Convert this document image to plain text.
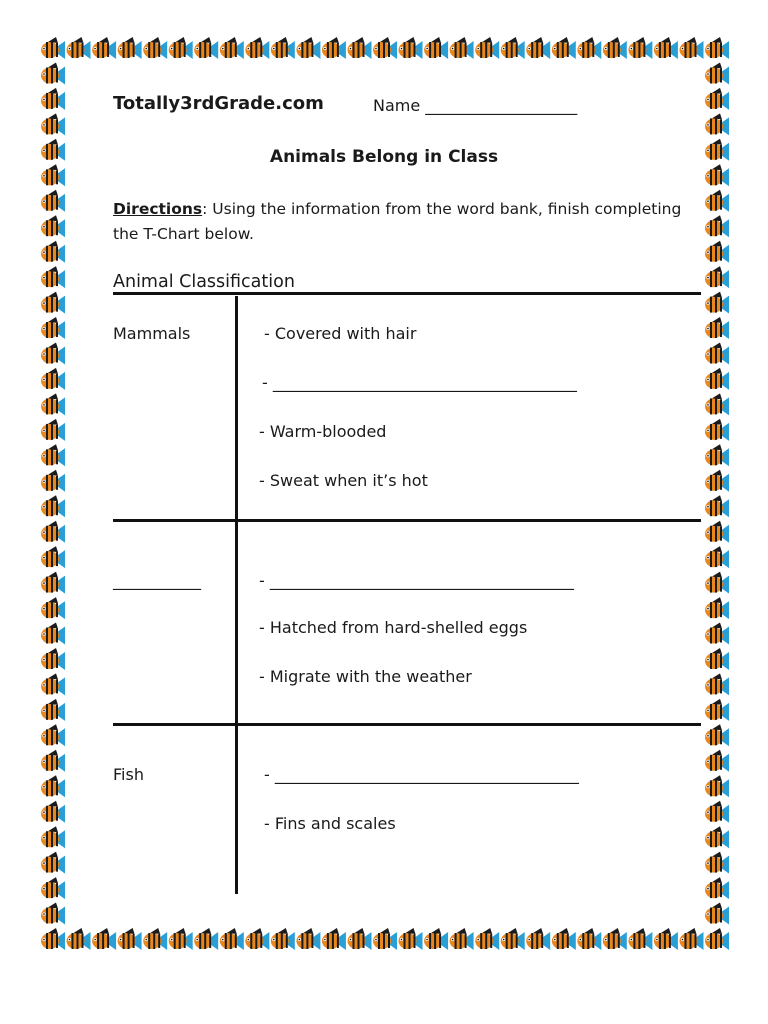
Totally3rdGrade.com	Name ___________________
Animals Belong in Class
Directions: Using the information from the word bank, finish completing the T-Chart below.
Animal Classification
Mammals	- Covered with hair
- ______________________________________
- Warm-blooded
- Sweat when it’s hot
___________	- ______________________________________
- Hatched from hard-shelled eggs
- Migrate with the weather
Fish	- ______________________________________
- Fins and scales
